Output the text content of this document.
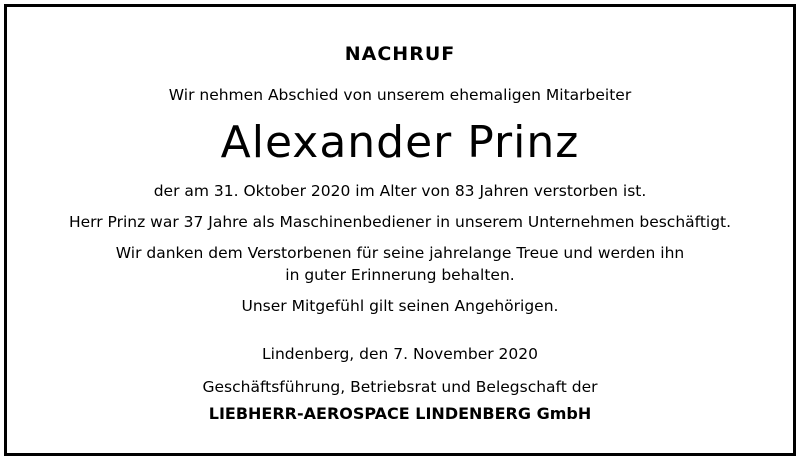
NACHRUF
Wir nehmen Abschied von unserem ehemaligen Mitarbeiter
Alexander Prinz
der am 31. Oktober 2020 im Alter von 83 Jahren verstorben ist.
Herr Prinz war 37 Jahre als Maschinenbediener in unserem Unternehmen beschäftigt.
Wir danken dem Verstorbenen für seine jahrelange Treue und werden ihn
in guter Erinnerung behalten.
Unser Mitgefühl gilt seinen Angehörigen.
Lindenberg, den 7. November 2020
Geschäftsführung, Betriebsrat und Belegschaft der
LIEBHERR-AEROSPACE LINDENBERG GmbH
